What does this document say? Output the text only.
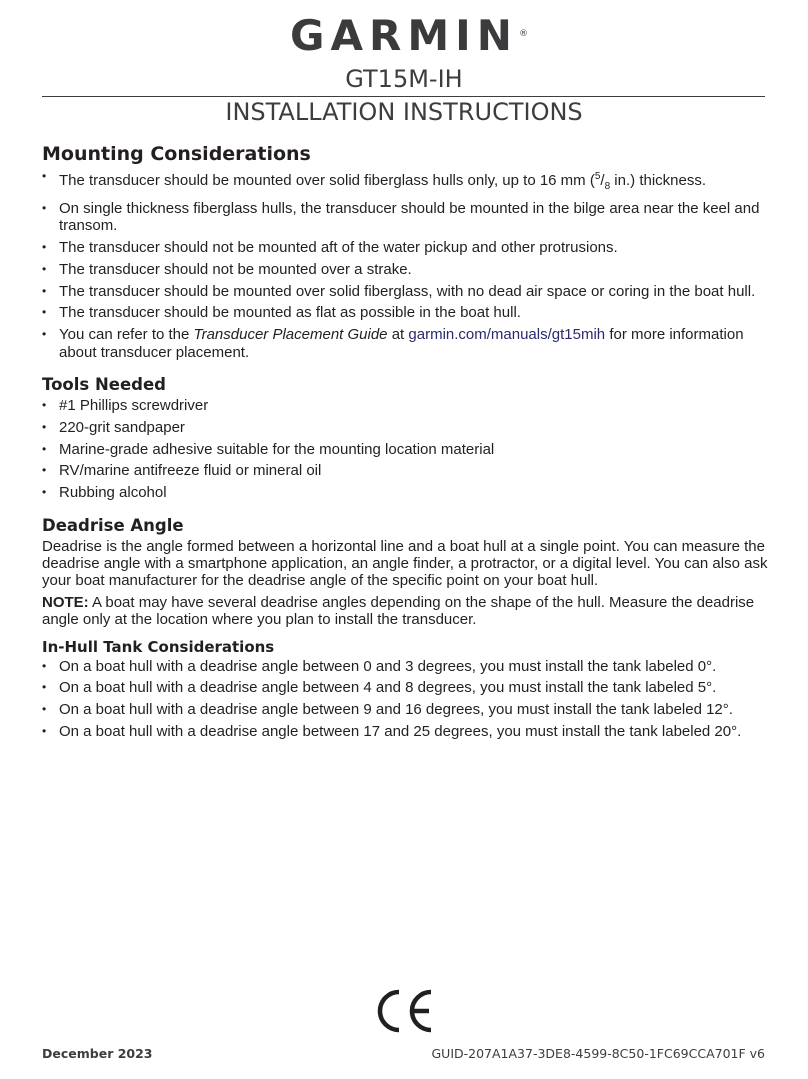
GARMIN ®
GT15M-IH
INSTALLATION INSTRUCTIONS
Mounting Considerations
• The transducer should be mounted over solid fiberglass hulls only, up to 16 mm ($^5/_8$ in.) thickness.
• On single thickness fiberglass hulls, the transducer should be mounted in the bilge area near the keel and transom.
• The transducer should not be mounted aft of the water pickup and other protrusions.
• The transducer should not be mounted over a strake.
• The transducer should be mounted over solid fiberglass, with no dead air space or coring in the boat hull.
• The transducer should be mounted as flat as possible in the boat hull.
• You can refer to the Transducer Placement Guide at garmin.com/manuals/gt15mih for more information about transducer placement.
Tools Needed
• #1 Phillips screwdriver
• 220-grit sandpaper
• Marine-grade adhesive suitable for the mounting location material
• RV/marine antifreeze fluid or mineral oil
• Rubbing alcohol
Deadrise Angle

Deadrise is the angle formed between a horizontal line and a boat hull at a single point. You can measure the deadrise angle with a smartphone application, an angle finder, a protractor, or a digital level. You can also ask your boat manufacturer for the deadrise angle of the specific point on your boat hull.

NOTE: A boat may have several deadrise angles depending on the shape of the hull. Measure the deadrise angle only at the location where you plan to install the transducer.

In-Hull Tank Considerations
• On a boat hull with a deadrise angle between 0 and 3 degrees, you must install the tank labeled 0°.
• On a boat hull with a deadrise angle between 4 and 8 degrees, you must install the tank labeled 5°.
• On a boat hull with a deadrise angle between 9 and 16 degrees, you must install the tank labeled 12°.
• On a boat hull with a deadrise angle between 17 and 25 degrees, you must install the tank labeled 20°.
December 2023	GUID-207A1A37-3DE8-4599-8C50-1FC69CCA701F v6
